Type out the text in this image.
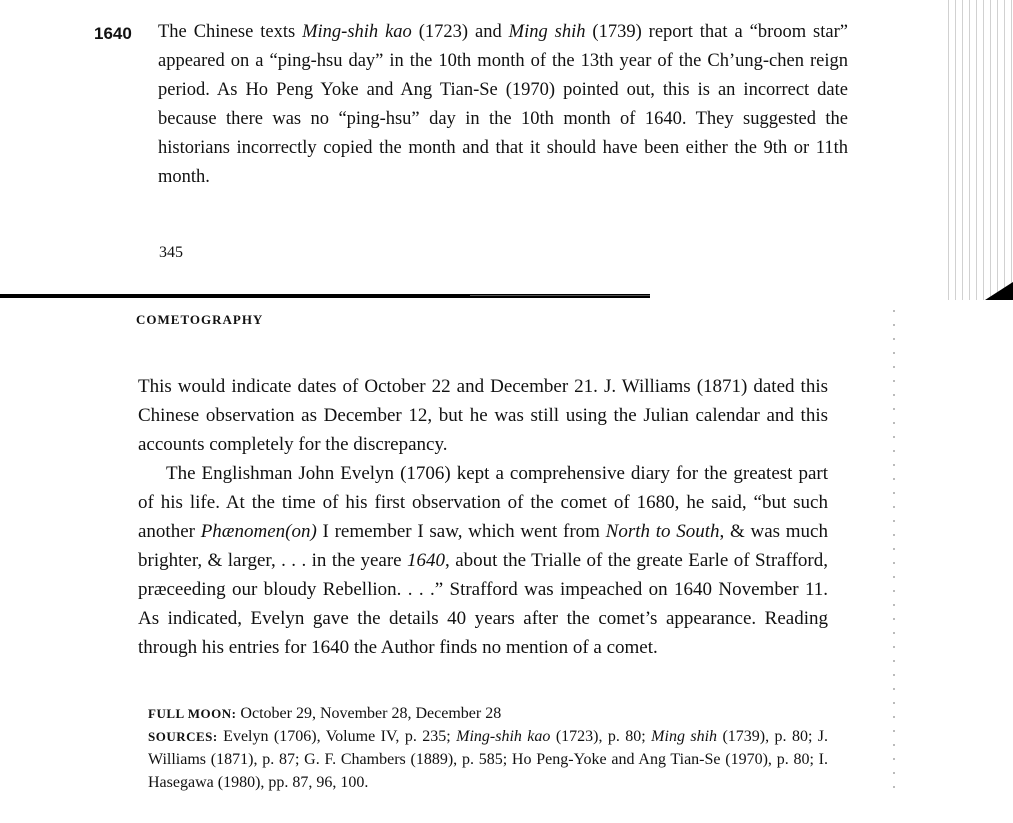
1640 The Chinese texts Ming-shih kao (1723) and Ming shih (1739) report that a “broom star” appeared on a “ping-hsu day” in the 10th month of the 13th year of the Ch’ung-chen reign period. As Ho Peng Yoke and Ang Tian-Se (1970) pointed out, this is an incorrect date because there was no “ping-hsu” day in the 10th month of 1640. They suggested the historians incorrectly copied the month and that it should have been either the 9th or 11th month.
345
COMETOGRAPHY

This would indicate dates of October 22 and December 21. J. Williams (1871) dated this Chinese observation as December 12, but he was still using the Julian calendar and this accounts completely for the discrepancy.

The Englishman John Evelyn (1706) kept a comprehensive diary for the greatest part of his life. At the time of his first observation of the comet of 1680, he said, “but such another Phænomen(on) I remember I saw, which went from North to South, & was much brighter, & larger, . . . in the yeare 1640, about the Trialle of the greate Earle of Strafford, præceeding our bloudy Rebellion. . . .” Strafford was impeached on 1640 November 11. As indicated, Evelyn gave the details 40 years after the comet’s appearance. Reading through his entries for 1640 the Author finds no mention of a comet.

FULL MOON: October 29, November 28, December 28

SOURCES: Evelyn (1706), Volume IV, p. 235; Ming-shih kao (1723), p. 80; Ming shih (1739), p. 80; J. Williams (1871), p. 87; G. F. Chambers (1889), p. 585; Ho Peng-Yoke and Ang Tian-Se (1970), p. 80; I. Hasegawa (1980), pp. 87, 96, 100.
